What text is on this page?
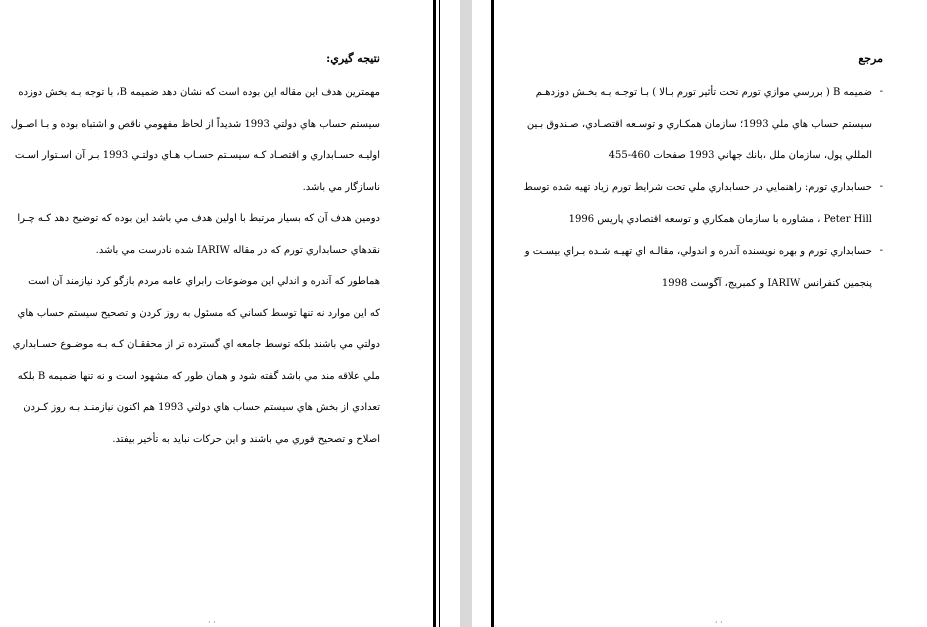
نتيجه گيري:
مهمترين هدف اين مقاله اين بوده است كه نشان دهد ضميمه B، با توجه بـه بخش دوزده
سيستم حساب هاي دولتي 1993 شديداً از لحاظ مفهومي ناقص و اشتباه بوده و بـا اصـول
اوليـه حسـابداري و اقتصـاد كـه سيسـتم حسـاب هـاي دولتـي 1993 بـر آن اسـتوار اسـت
ناسازگار مي باشد.
دومين هدف آن كه بسيار مرتبط با اولين هدف مي باشد اين بوده كه توضيح دهد كـه چـرا
نقدهاي حسابداري تورم كه در مقاله IARIW شده نادرست مي باشد.
هماطور كه آندره و اندلي اين موضوعات رابراي عامه مردم بازگو كرد نيازمند آن است
كه اين موارد نه تنها توسط كساني كه مسئول به روز كردن و تصحيح سيستم حساب هاي
دولتي مي باشند بلكه توسط جامعه اي گسترده تر از محققـان كـه بـه موضـوع حسـابداري
ملي علاقه مند مي باشد گفته شود و همان طور كه مشهود است و نه تنها ضميمه B بلكه
تعدادي از بخش هاي سيستم حساب هاي دولتي 1993 هم اكنون نيازمنـد بـه روز كـردن
اصلاح و تصحيح فوري مي باشند و اين حركات نبايد به تأخير بيفتد.
· ·
مرجع
ضميمه B ( بررسي موازي تورم تحت تأثير تورم بـالا ) بـا توجـه بـه بخـش دوزدهـم
سيستم حساب هاي ملي 1993؛ سازمان همكـاري و توسـعه اقتصـادي، صـندوق بـين
المللي پول، سازمان ملل ،بانك جهاني 1993 صفحات 460-455
-
حسابداري تورم: راهنمايي در حسابداري ملي تحت شرايط تورم زياد تهيه شده توسط
Peter Hill ، مشاوره با سازمان همكاري و توسعه اقتصادي پاريس 1996
-
حسابداري تورم و بهره نويسنده آندره و اندولي، مقالـه اي تهيـه شـده بـراي بيسـت و
پنجمين كنفرانس IARIW و كمبريج، آگوست 1998
-
· ·
